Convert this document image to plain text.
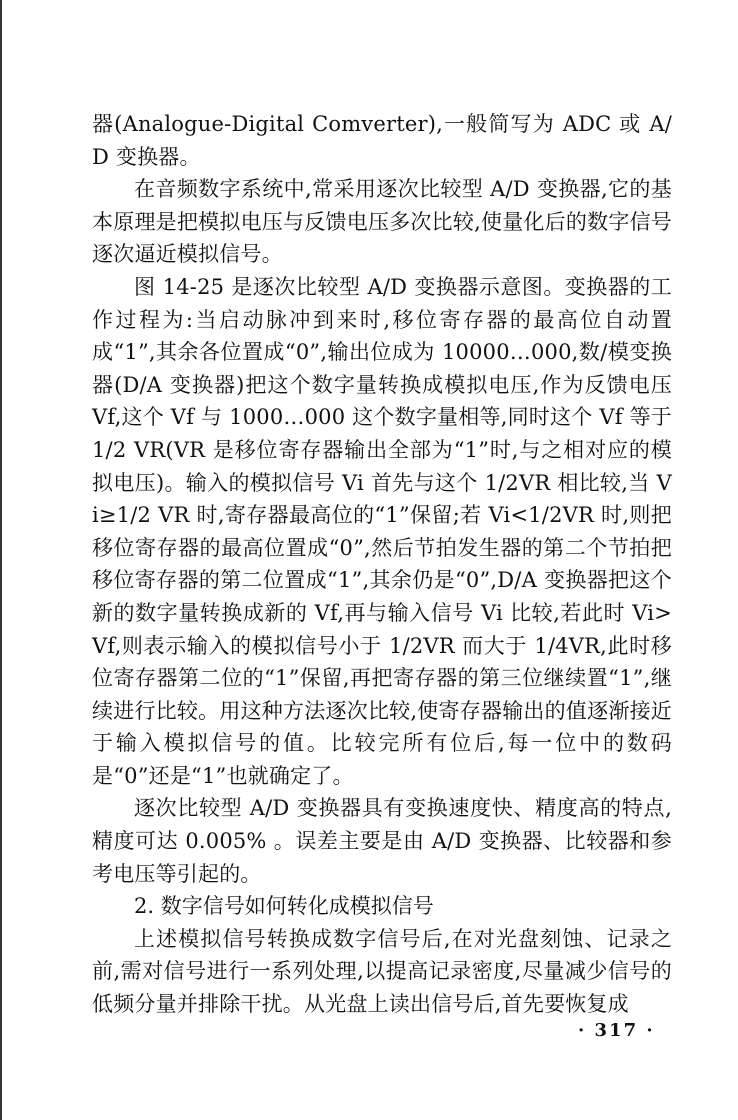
器(Analogue-Digital Comverter),一般简写为 ADC 或 A/D 变换器。

在音频数字系统中,常采用逐次比较型 A/D 变换器,它的基本原理是把模拟电压与反馈电压多次比较,使量化后的数字信号逐次逼近模拟信号。

图 14-25 是逐次比较型 A/D 变换器示意图。变换器的工作过程为:当启动脉冲到来时,移位寄存器的最高位自动置成“1”,其余各位置成“0”,输出位成为 10000…000,数/模变换器(D/A 变换器)把这个数字量转换成模拟电压,作为反馈电压 Vf,这个 Vf 与 1000…000 这个数字量相等,同时这个 Vf 等于1/2 VR(VR 是移位寄存器输出全部为“1”时,与之相对应的模拟电压)。输入的模拟信号 Vi 首先与这个 1/2VR 相比较,当 Vi≥1/2 VR 时,寄存器最高位的“1”保留;若 Vi<1/2VR 时,则把移位寄存器的最高位置成“0”,然后节拍发生器的第二个节拍把移位寄存器的第二位置成“1”,其余仍是“0”,D/A 变换器把这个新的数字量转换成新的 Vf,再与输入信号 Vi 比较,若此时 Vi>Vf,则表示输入的模拟信号小于 1/2VR 而大于 1/4VR,此时移位寄存器第二位的“1”保留,再把寄存器的第三位继续置“1”,继续进行比较。用这种方法逐次比较,使寄存器输出的值逐渐接近于输入模拟信号的值。比较完所有位后,每一位中的数码是“0”还是“1”也就确定了。

逐次比较型 A/D 变换器具有变换速度快、精度高的特点,精度可达 0.005% 。误差主要是由 A/D 变换器、比较器和参考电压等引起的。

2. 数字信号如何转化成模拟信号

上述模拟信号转换成数字信号后,在对光盘刻蚀、记录之前,需对信号进行一系列处理,以提高记录密度,尽量减少信号的低频分量并排除干扰。从光盘上读出信号后,首先要恢复成

· 317 ·
